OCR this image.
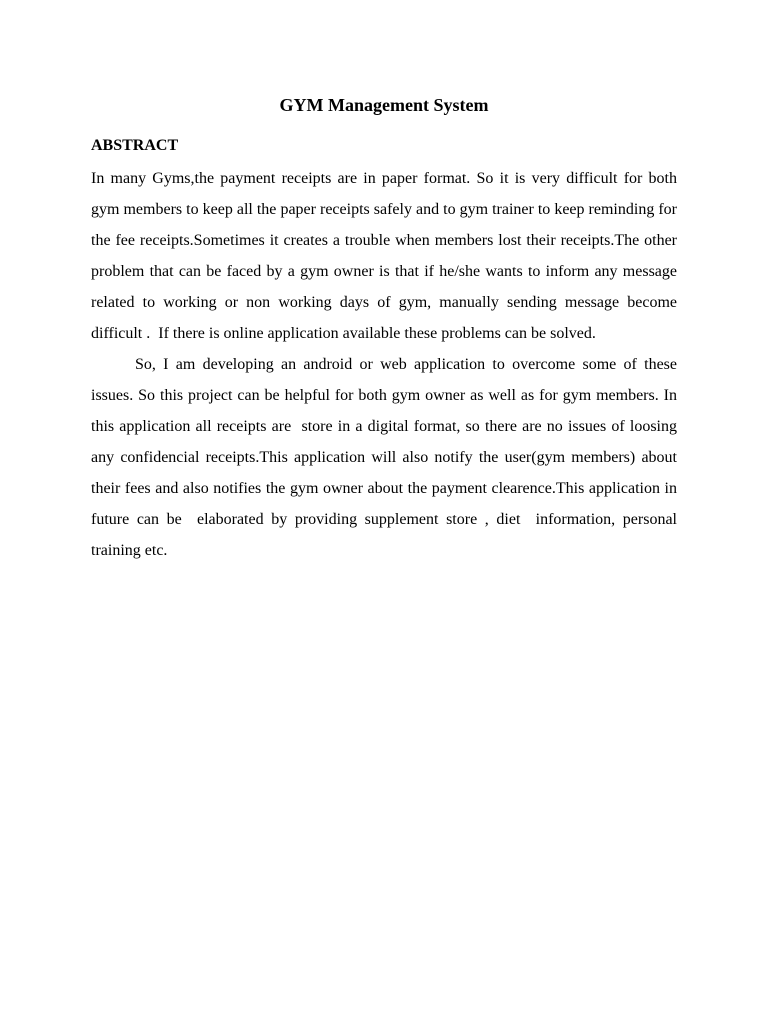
GYM Management System
ABSTRACT

In many Gyms,the payment receipts are in paper format. So it is very difficult for both  gym members to keep all the paper receipts safely and to gym trainer to keep reminding for the fee receipts.Sometimes it creates a trouble when members lost their receipts.The other problem that can be faced by a gym owner is that if he/she wants to inform any message related to working or non working days of gym, manually sending message become difficult .  If there is online application available these problems can be solved.

So, I am developing an android or web application to overcome some of these issues. So this project can be helpful for both gym owner as well as for gym members. In this application all receipts are  store in a digital format, so there are no issues of loosing any confidencial receipts.This application will also notify the user(gym members) about their fees and also notifies the gym owner about the payment clearence.This application in future can be  elaborated by providing supplement store , diet  information, personal training etc.
